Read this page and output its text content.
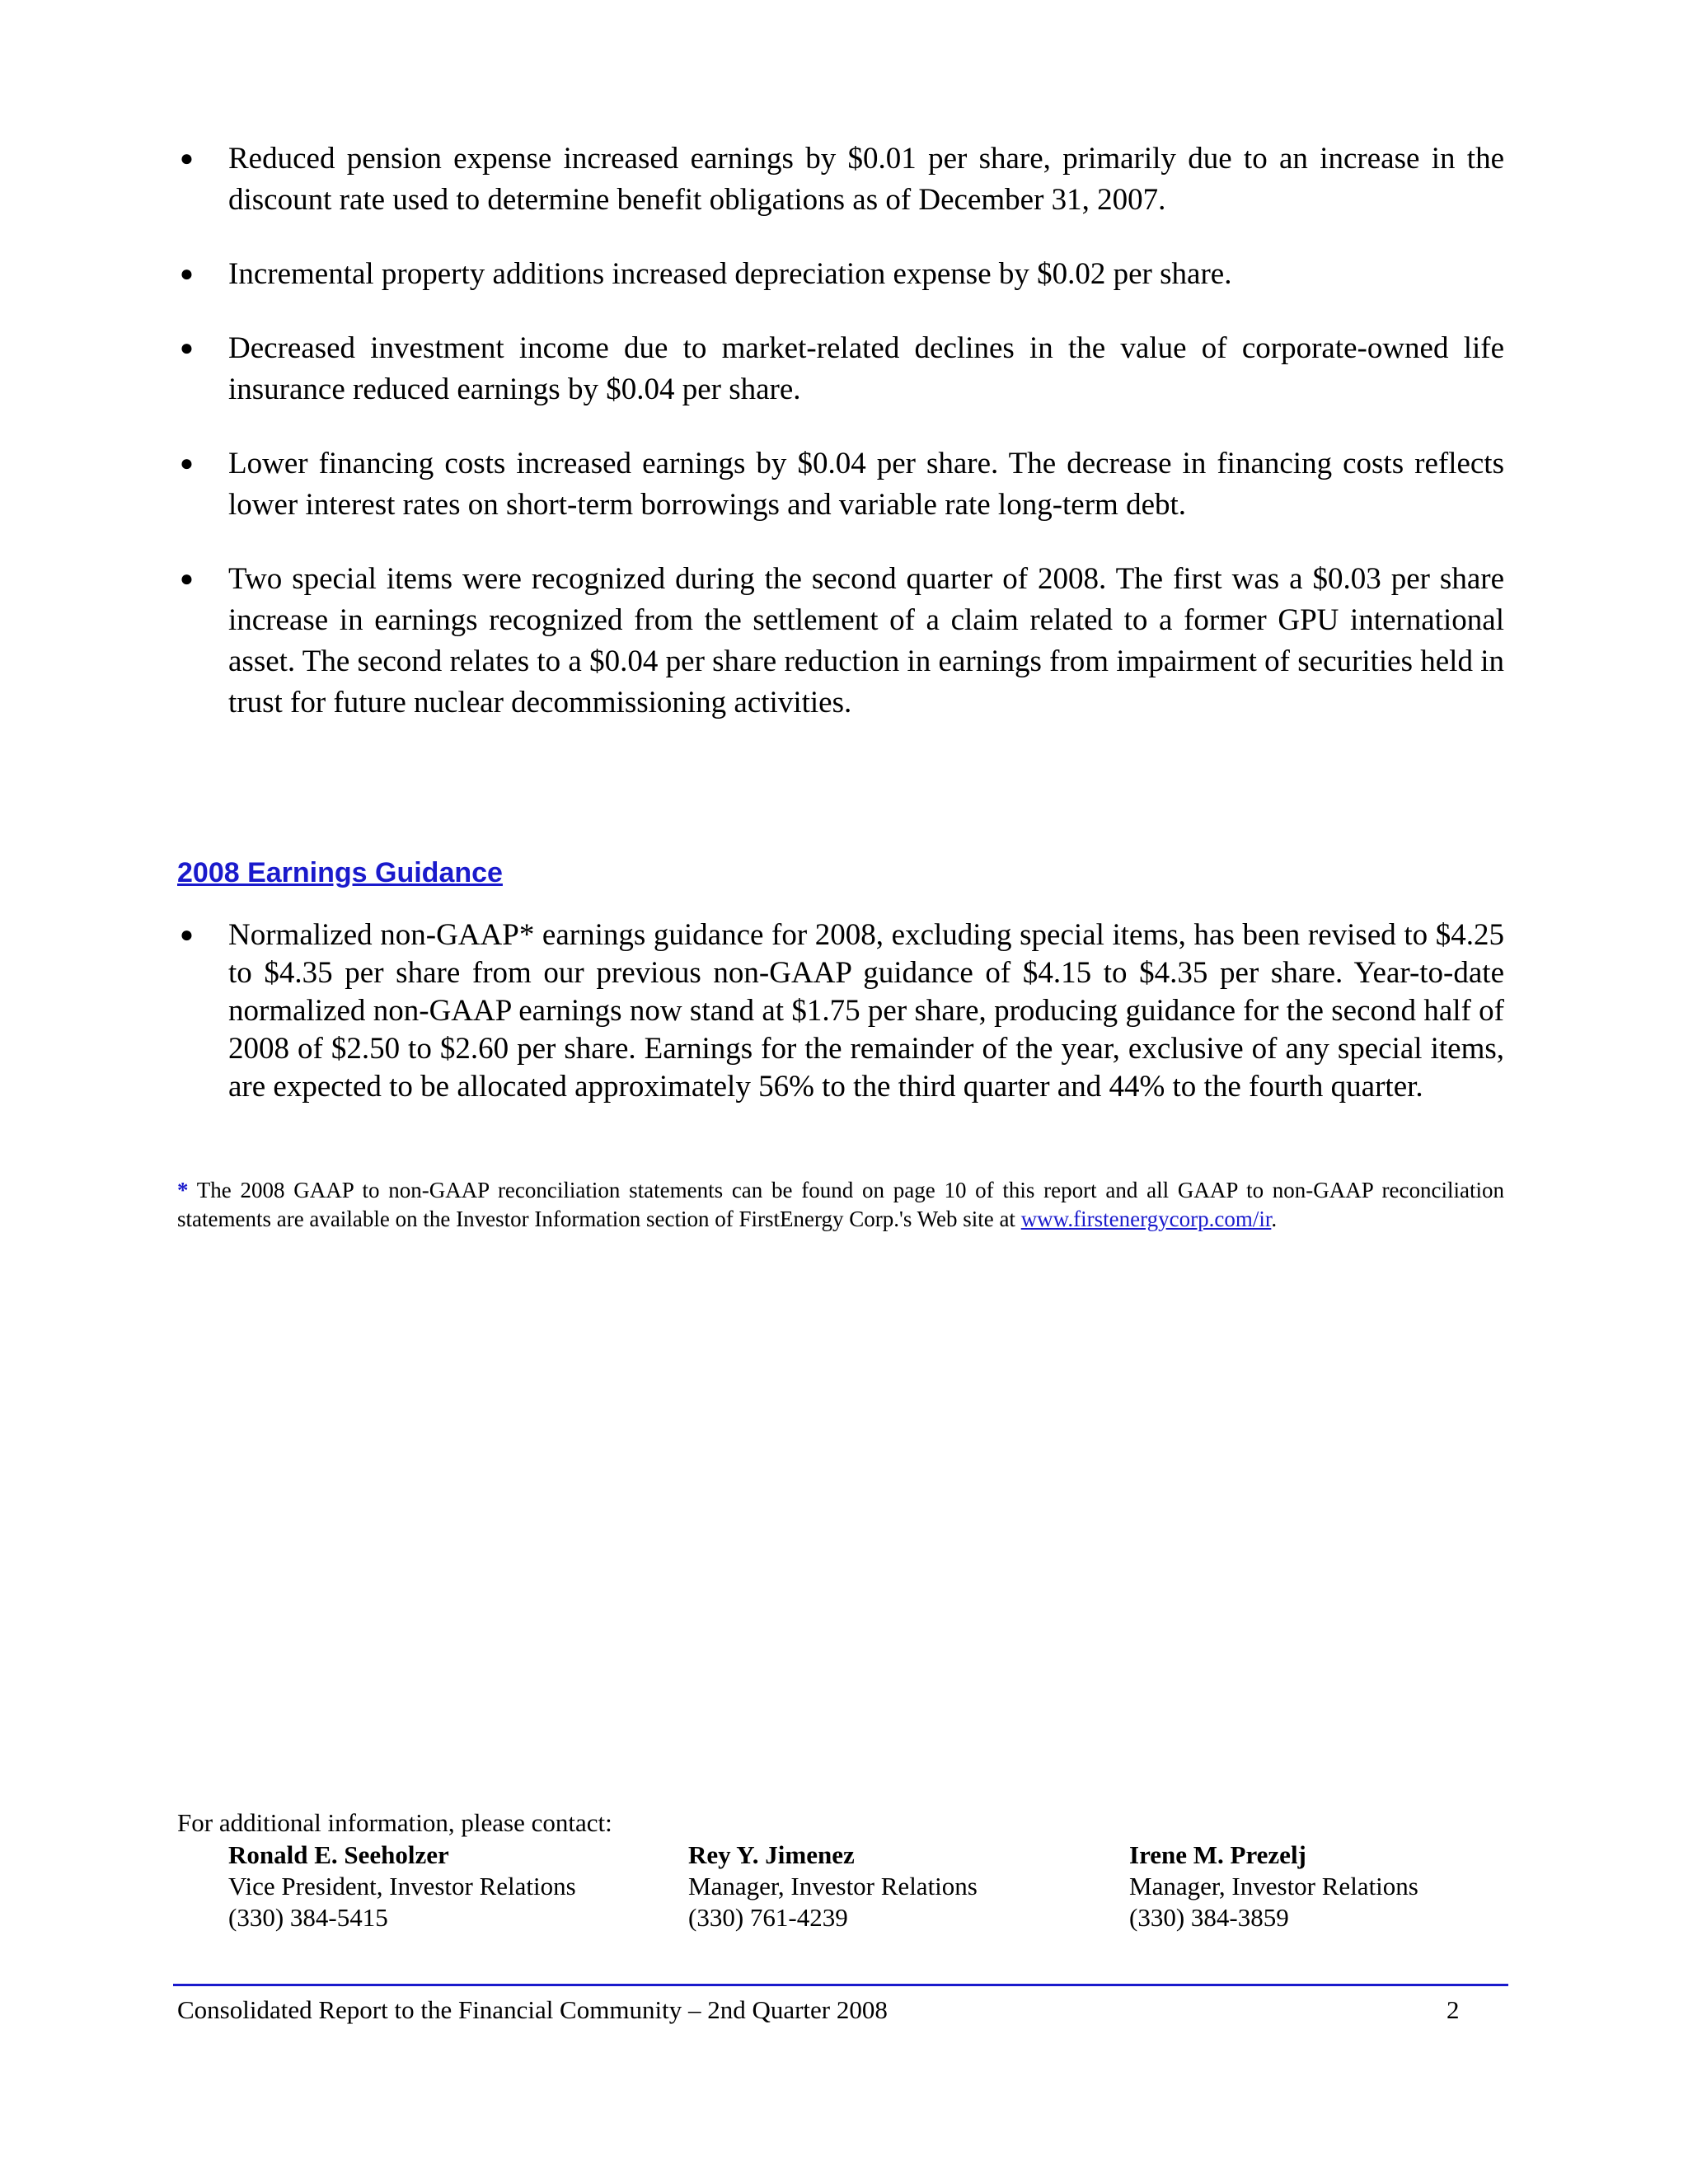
● Reduced pension expense increased earnings by $0.01 per share, primarily due to an increase in the discount rate used to determine benefit obligations as of December 31, 2007.
● Incremental property additions increased depreciation expense by $0.02 per share.
● Decreased investment income due to market-related declines in the value of corporate-owned life insurance reduced earnings by $0.04 per share.
● Lower financing costs increased earnings by $0.04 per share. The decrease in financing costs reflects lower interest rates on short-term borrowings and variable rate long-term debt.
● Two special items were recognized during the second quarter of 2008. The first was a $0.03 per share increase in earnings recognized from the settlement of a claim related to a former GPU international asset. The second relates to a $0.04 per share reduction in earnings from impairment of securities held in trust for future nuclear decommissioning activities.
2008 Earnings Guidance
● Normalized non-GAAP* earnings guidance for 2008, excluding special items, has been revised to $4.25 to $4.35 per share from our previous non-GAAP guidance of $4.15 to $4.35 per share. Year-to-date normalized non-GAAP earnings now stand at $1.75 per share, producing guidance for the second half of 2008 of $2.50 to $2.60 per share. Earnings for the remainder of the year, exclusive of any special items, are expected to be allocated approximately 56% to the third quarter and 44% to the fourth quarter.
* The 2008 GAAP to non-GAAP reconciliation statements can be found on page 10 of this report and all GAAP to non-GAAP reconciliation statements are available on the Investor Information section of FirstEnergy Corp.'s Web site at www.firstenergycorp.com/ir.
For additional information, please contact:
Ronald E. Seeholzer
Vice President, Investor Relations
(330) 384-5415
Rey Y. Jimenez
Manager, Investor Relations
(330) 761-4239
Irene M. Prezelj
Manager, Investor Relations
(330) 384-3859
Consolidated Report to the Financial Community – 2nd Quarter 2008	2
